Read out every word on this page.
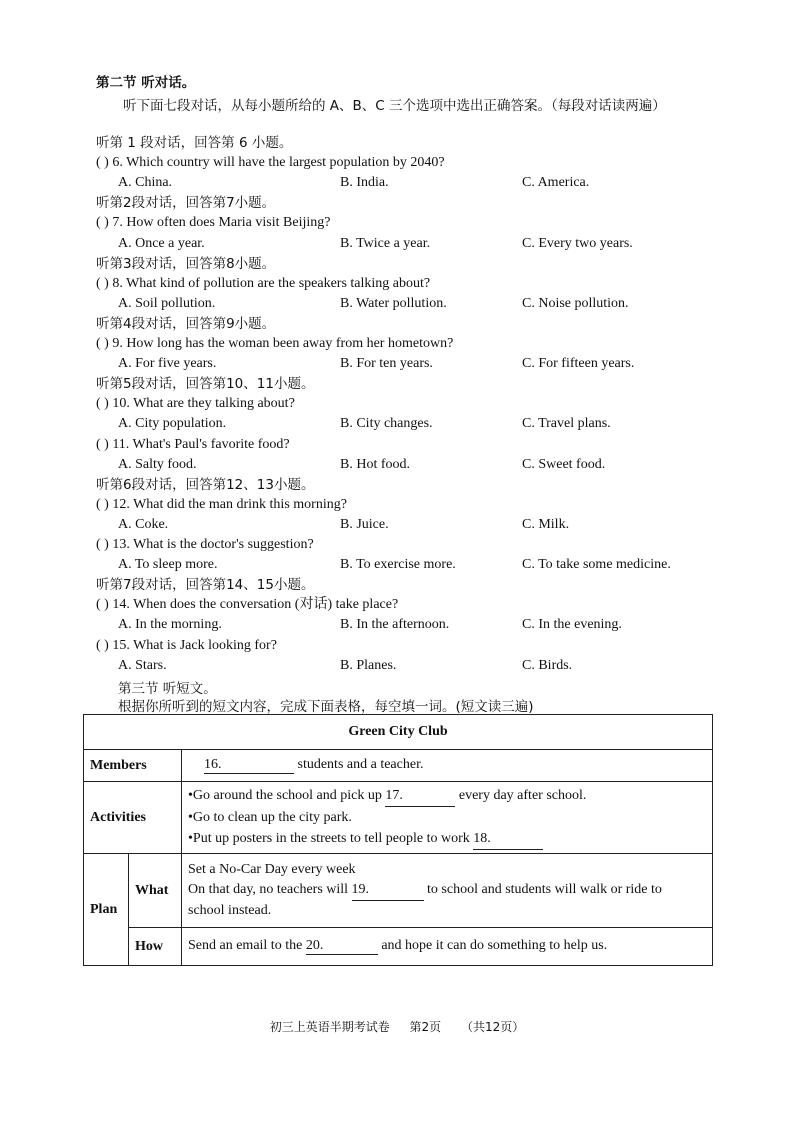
第二节 听对话。
听下面七段对话，从每小题所给的 A、B、C 三个选项中选出正确答案。（每段对话读两遍）
听第 1 段对话，回答第 6 小题。
( ) 6. Which country will have the largest population by 2040?
A. China.	B. India.	C. America.
听第2段对话，回答第7小题。
( ) 7. How often does Maria visit Beijing?
A. Once a year.	B. Twice a year.	C. Every two years.
听第3段对话，回答第8小题。
( ) 8. What kind of pollution are the speakers talking about?
A. Soil pollution.	B. Water pollution.	C. Noise pollution.
听第4段对话，回答第9小题。
( ) 9. How long has the woman been away from her hometown?
A. For five years.	B. For ten years.	C. For fifteen years.
听第5段对话，回答第10、11小题。
( ) 10. What are they talking about?
A. City population.	B. City changes.	C. Travel plans.
( ) 11. What's Paul's favorite food?
A. Salty food.	B. Hot food.	C. Sweet food.
听第6段对话，回答第12、13小题。
( ) 12. What did the man drink this morning?
A. Coke.	B. Juice.	C. Milk.
( ) 13. What is the doctor's suggestion?
A. To sleep more.	B. To exercise more.	C. To take some medicine.
听第7段对话，回答第14、15小题。
( ) 14. When does the conversation (对话) take place?
A. In the morning.	B. In the afternoon.	C. In the evening.
( ) 15. What is Jack looking for?
A. Stars.	B. Planes.	C. Birds.
第三节 听短文。
根据你所听到的短文内容，完成下面表格，每空填一词。(短文读三遍)
Green City Club		
Members		16. students and a teacher.
Activities		•Go around the school and pick up 17. every day after school.
•Go to clean up the city park.
•Put up posters in the streets to tell people to work 18.

Plan	What	Set a No-Car Day every week
On that day, no teachers will 19. to school and students will walk or ride to
school instead.

	How	Send an email to the 20. and hope it can do something to help us.
初三上英语半期考试卷 第2页 （共12页）
